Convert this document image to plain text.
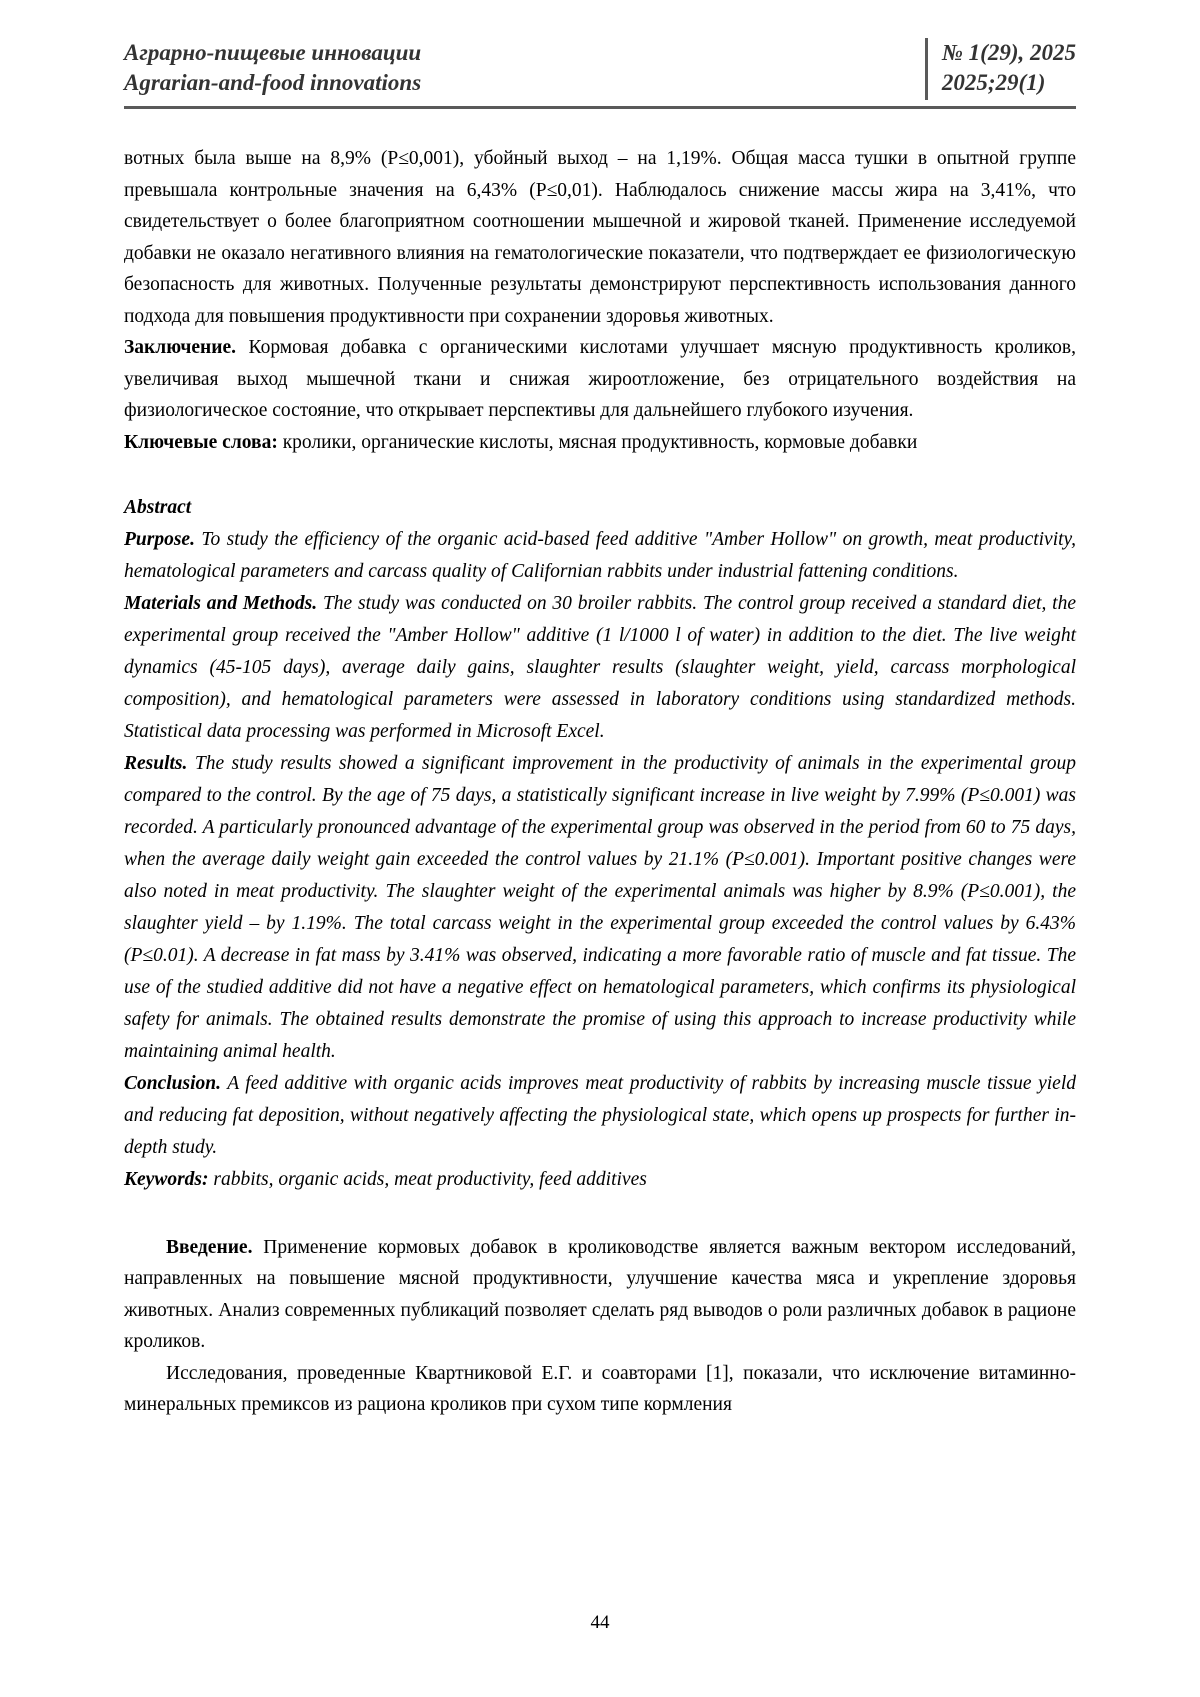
Аграрно-пищевые инновации
Agrarian-and-food innovations
№ 1(29), 2025
2025;29(1)

вотных была выше на 8,9% (P≤0,001), убойный выход – на 1,19%. Общая масса тушки в опытной группе превышала контрольные значения на 6,43% (P≤0,01). Наблюдалось снижение массы жира на 3,41%, что свидетельствует о более благоприятном соотношении мышечной и жировой тканей. Применение исследуемой добавки не оказало негативного влияния на гематологические показатели, что подтверждает ее физиологическую безопасность для животных. Полученные результаты демонстрируют перспективность использования данного подхода для повышения продуктивности при сохранении здоровья животных.

Заключение. Кормовая добавка с органическими кислотами улучшает мясную продуктивность кроликов, увеличивая выход мышечной ткани и снижая жироотложение, без отрицательного воздействия на физиологическое состояние, что открывает перспективы для дальнейшего глубокого изучения.

Ключевые слова: кролики, органические кислоты, мясная продуктивность, кормовые добавки

Abstract

Purpose. To study the efficiency of the organic acid-based feed additive "Amber Hollow" on growth, meat productivity, hematological parameters and carcass quality of Californian rabbits under industrial fattening conditions.

Materials and Methods. The study was conducted on 30 broiler rabbits. The control group received a standard diet, the experimental group received the "Amber Hollow" additive (1 l/1000 l of water) in addition to the diet. The live weight dynamics (45-105 days), average daily gains, slaughter results (slaughter weight, yield, carcass morphological composition), and hematological parameters were assessed in laboratory conditions using standardized methods. Statistical data processing was performed in Microsoft Excel.

Results. The study results showed a significant improvement in the productivity of animals in the experimental group compared to the control. By the age of 75 days, a statistically significant increase in live weight by 7.99% (P≤0.001) was recorded. A particularly pronounced advantage of the experimental group was observed in the period from 60 to 75 days, when the average daily weight gain exceeded the control values by 21.1% (P≤0.001). Important positive changes were also noted in meat productivity. The slaughter weight of the experimental animals was higher by 8.9% (P≤0.001), the slaughter yield – by 1.19%. The total carcass weight in the experimental group exceeded the control values by 6.43% (P≤0.01). A decrease in fat mass by 3.41% was observed, indicating a more favorable ratio of muscle and fat tissue. The use of the studied additive did not have a negative effect on hematological parameters, which confirms its physiological safety for animals. The obtained results demonstrate the promise of using this approach to increase productivity while maintaining animal health.

Conclusion. A feed additive with organic acids improves meat productivity of rabbits by increasing muscle tissue yield and reducing fat deposition, without negatively affecting the physiological state, which opens up prospects for further in-depth study.

Keywords: rabbits, organic acids, meat productivity, feed additives

Введение. Применение кормовых добавок в кролиководстве является важным вектором исследований, направленных на повышение мясной продуктивности, улучшение качества мяса и укрепление здоровья животных. Анализ современных публикаций позволяет сделать ряд выводов о роли различных добавок в рационе кроликов.

Исследования, проведенные Квартниковой Е.Г. и соавторами [1], показали, что исключение витаминно-минеральных премиксов из рациона кроликов при сухом типе кормления

44
